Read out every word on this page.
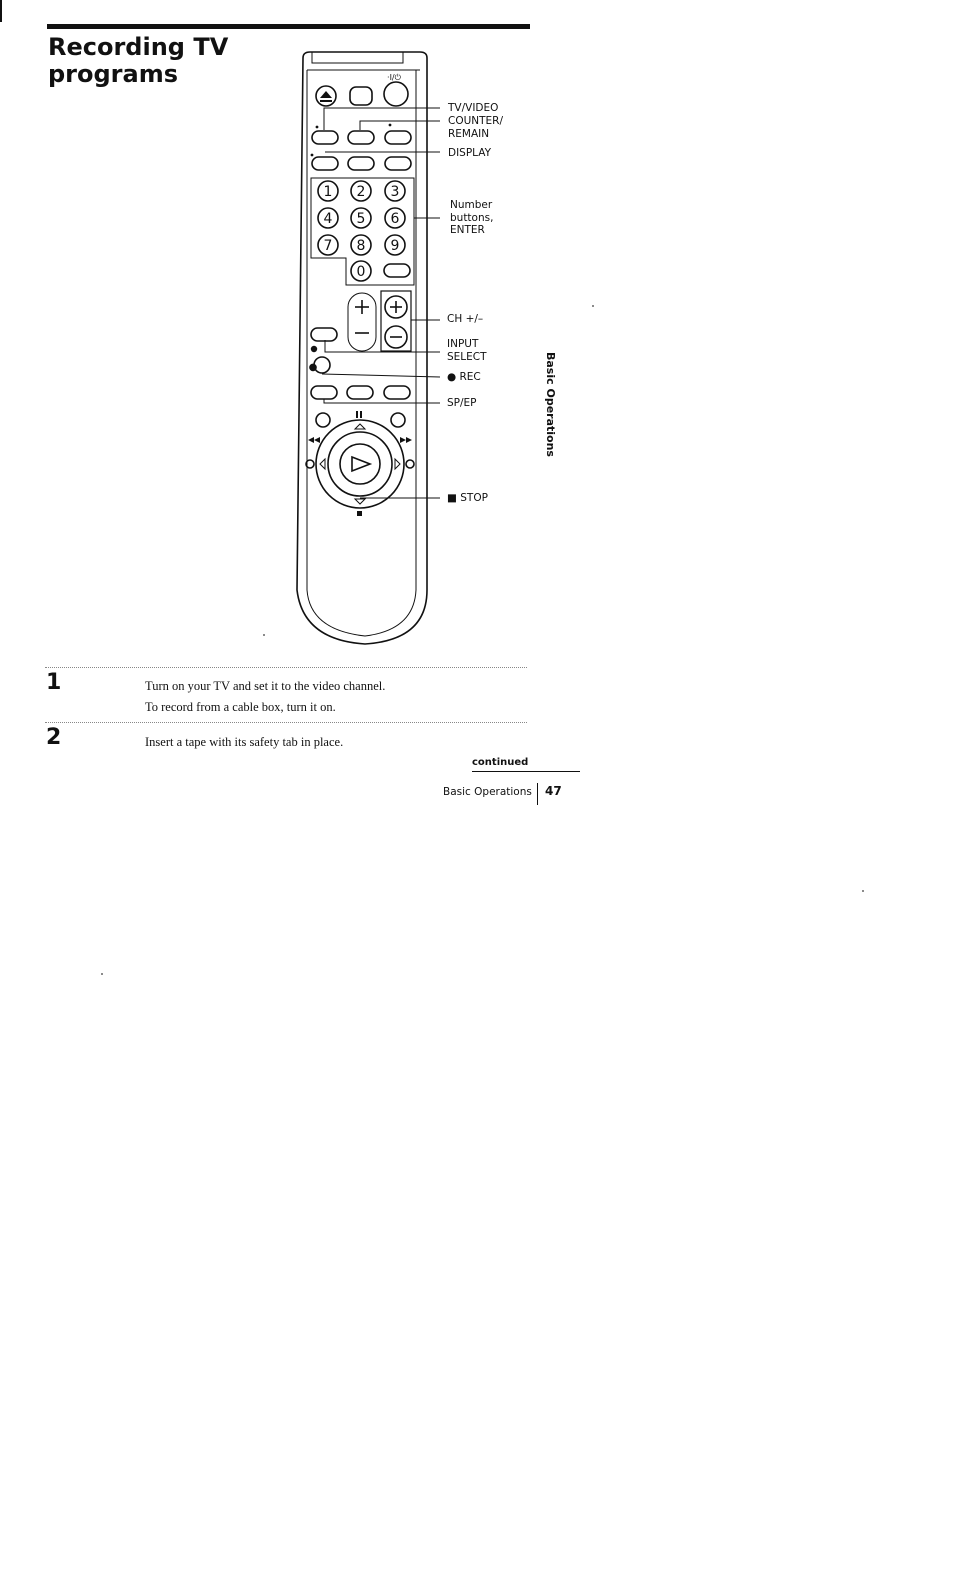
Recording TV
programs	·I/⏻
●
1 2 3
4 5 6
7 8 9
0
TV/VIDEO
COUNTER/
REMAIN
DISPLAY
Number
buttons,
ENTER
CH +/–
INPUT
SELECT
● REC
SP/EP
■ STOP
Basic Operations
1	Turn on your TV and set it to the video channel.
To record from a cable box, turn it on.
2	Insert a tape with its safety tab in place.
continued
Basic Operations 47
